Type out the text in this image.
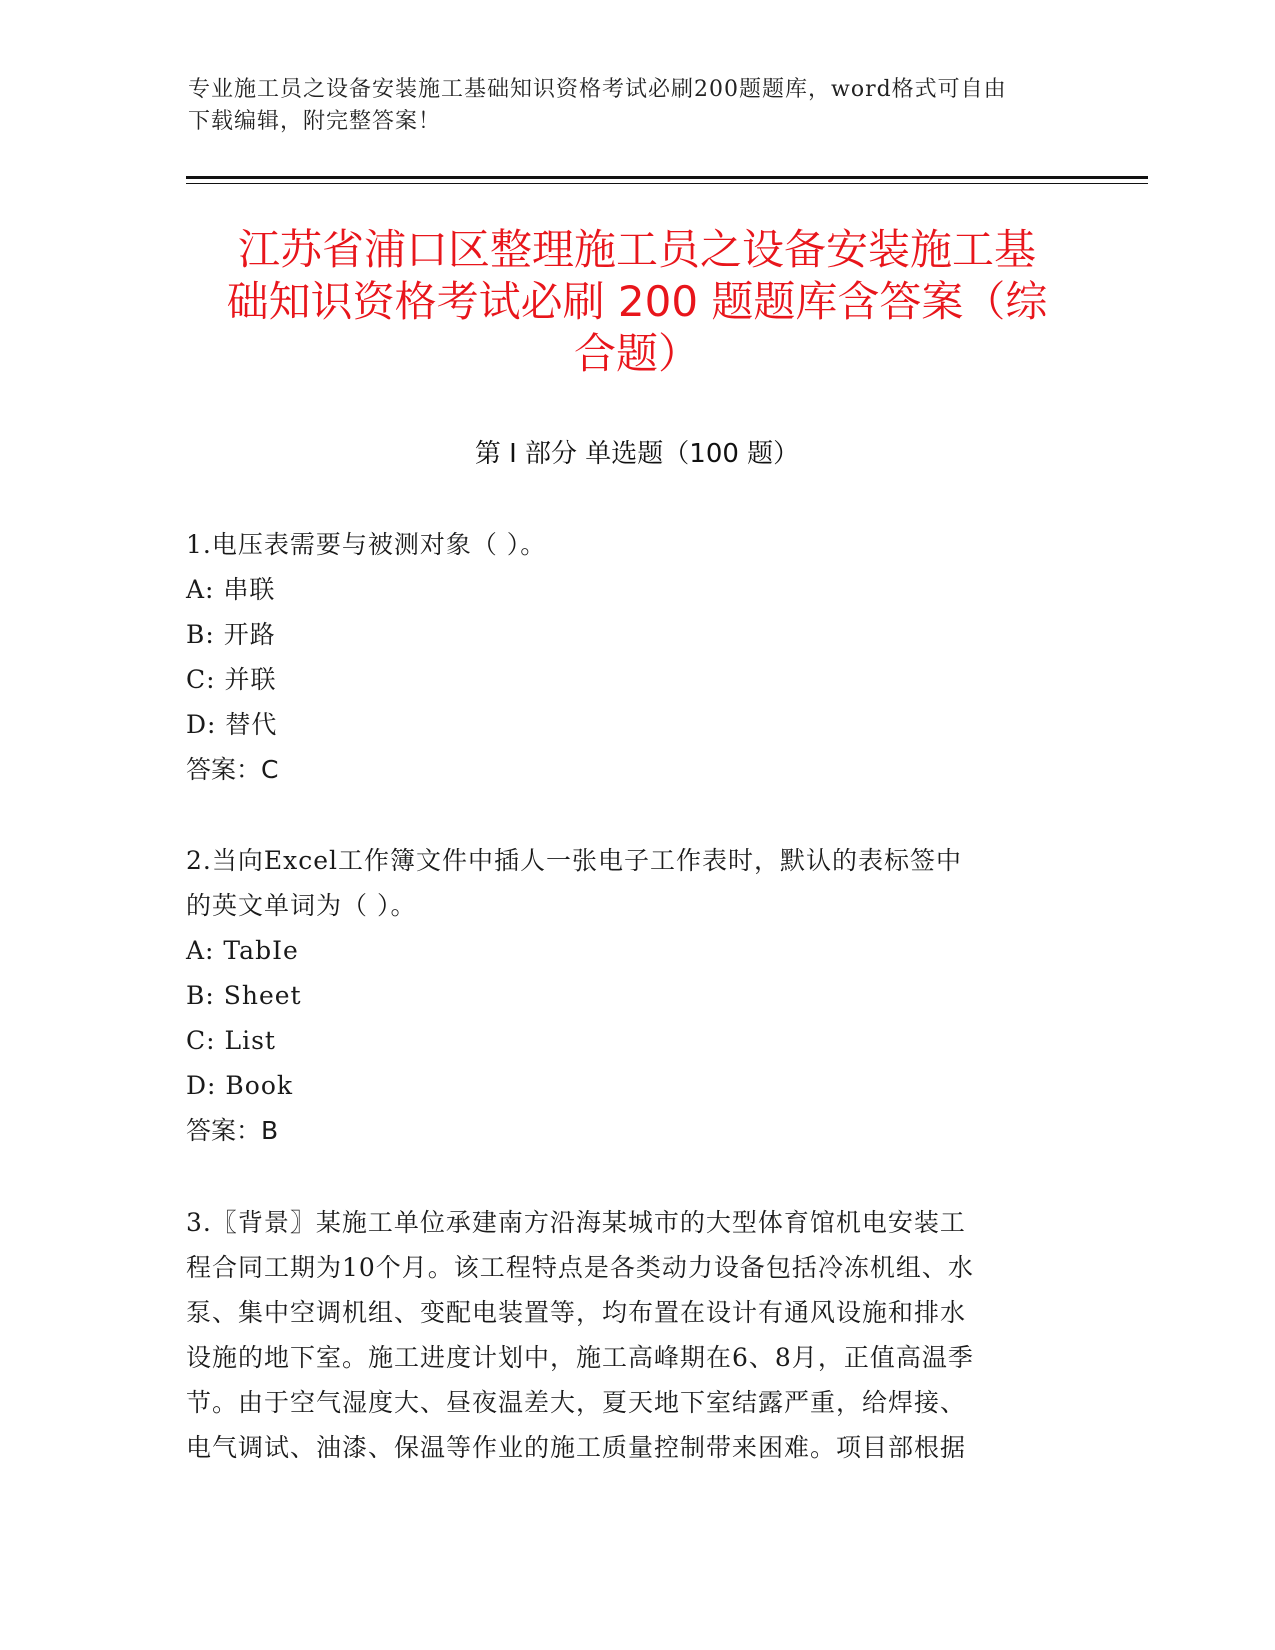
专业施工员之设备安装施工基础知识资格考试必刷200题题库，word格式可自由

下载编辑，附完整答案！

江苏省浦口区整理施工员之设备安装施工基

础知识资格考试必刷 200 题题库含答案（综

合题）

第 I 部分 单选题（100 题）

1.电压表需要与被测对象（ ）。

A: 串联

B: 开路

C: 并联

D: 替代

答案：C

2.当向Excel工作簿文件中插人一张电子工作表时，默认的表标签中

的英文单词为（ ）。

A: TabIe

B: Sheet

C: List

D: Book

答案：B

3.〖背景〗某施工单位承建南方沿海某城市的大型体育馆机电安装工

程合同工期为10个月。该工程特点是各类动力设备包括冷冻机组、水

泵、集中空调机组、变配电装置等，均布置在设计有通风设施和排水

设施的地下室。施工进度计划中，施工高峰期在6、8月，正值高温季

节。由于空气湿度大、昼夜温差大，夏天地下室结露严重，给焊接、

电气调试、油漆、保温等作业的施工质量控制带来困难。项目部根据
